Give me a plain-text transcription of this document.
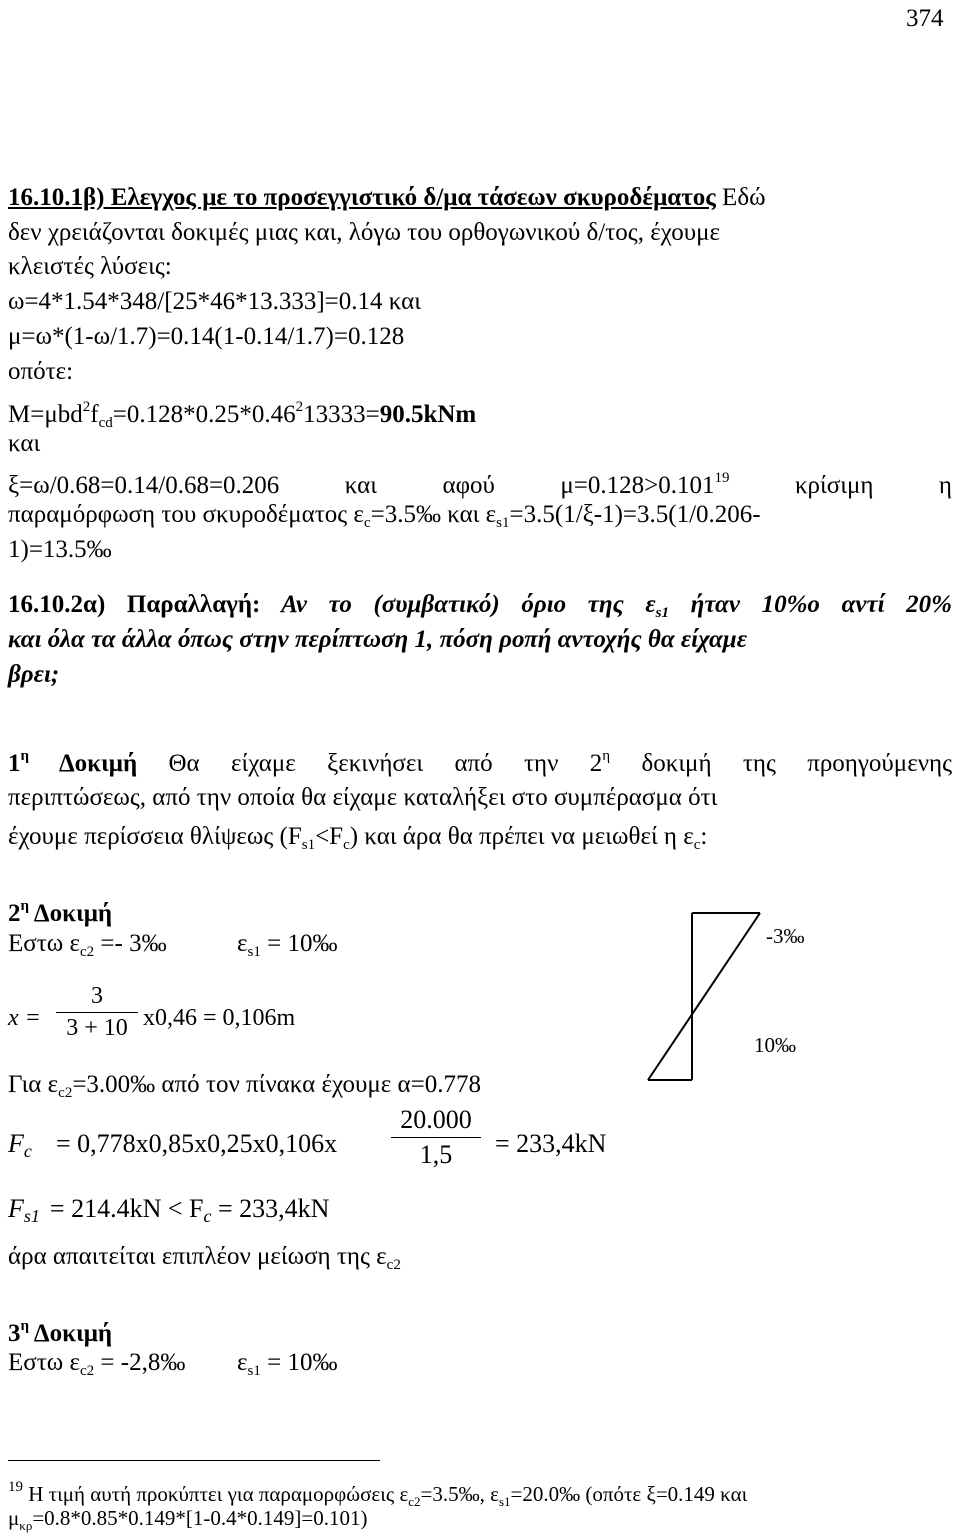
374
16.10.1β) Ελεγχος με το προσεγγιστικό δ/μα τάσεων σκυροδέματος Εδώ
δεν χρειάζονται δοκιμές μιας και, λόγω του ορθογωνικού δ/τος, έχουμε
κλειστές λύσεις:
ω=4*1.54*348/[25*46*13.333]=0.14 και
μ=ω*(1-ω/1.7)=0.14(1-0.14/1.7)=0.128
οπότε:
$M=\mu bd^2f_{cd}=0.128*0.25*0.46^213333=90.5kNm$
και
ξ=ω/0.68=0.14/0.68=0.206 και αφού $\mu=0.128>0.101^{19}$ κρίσιμη η
παραμόρφωση του σκυροδέματος $\varepsilon_c=3.5‰$ και $\varepsilon_{s1}=3.5(1/\xi-1)=3.5(1/0.206-$
1)=13.5‰
16.10.2α) Παραλλαγή: Αν το (συμβατικό) όριο της $\varepsilon_{s1}$ ήταν 10%ο αντί 20%
και όλα τα άλλα όπως στην περίπτωση 1, πόση ροπή αντοχής θα είχαμε
βρει;
$1^\eta$ Δοκιμή Θα είχαμε ξεκινήσει από την $2^\eta$ δοκιμή της προηγούμενης
περιπτώσεως, από την οποία θα είχαμε καταλήξει στο συμπέρασμα ότι
έχουμε περίσσεια θλίψεως $(F_{s1}<F_c)$ και άρα θα πρέπει να μειωθεί η $\varepsilon_c$:
$2^\eta$ Δοκιμή
Εστω $\varepsilon_{c2}$ =- 3‰	$\varepsilon_{s1}$ = 10‰
x =
3
3 + 10 x0,46 = 0,106m
Για $\varepsilon_{c2}=3.00‰$ από τον πίνακα έχουμε α=0.778
$F_c = 0,778x0,85x0,25x0,106x$
20.000
1,5	= 233,4kN
$F_{s1} = 214.4kN < F_c = 233,4kN$
άρα απαιτείται επιπλέον μείωση της $\varepsilon_{c2}$
-3‰
10‰
$3^\eta$ Δοκιμή
Εστω $\varepsilon_{c2}$ = -2,8‰ $\varepsilon_{s1}$ = 10‰
$^{19}$ Η τιμή αυτή προκύπτει για παραμορφώσεις $\varepsilon_{c2}=3.5‰$, $\varepsilon_{s1}=20.0‰$ (οπότε ξ=0.149 και
$\mu_{\kappa\rho}=0.8*0.85*0.149*[1-0.4*0.149]=0.101$)
